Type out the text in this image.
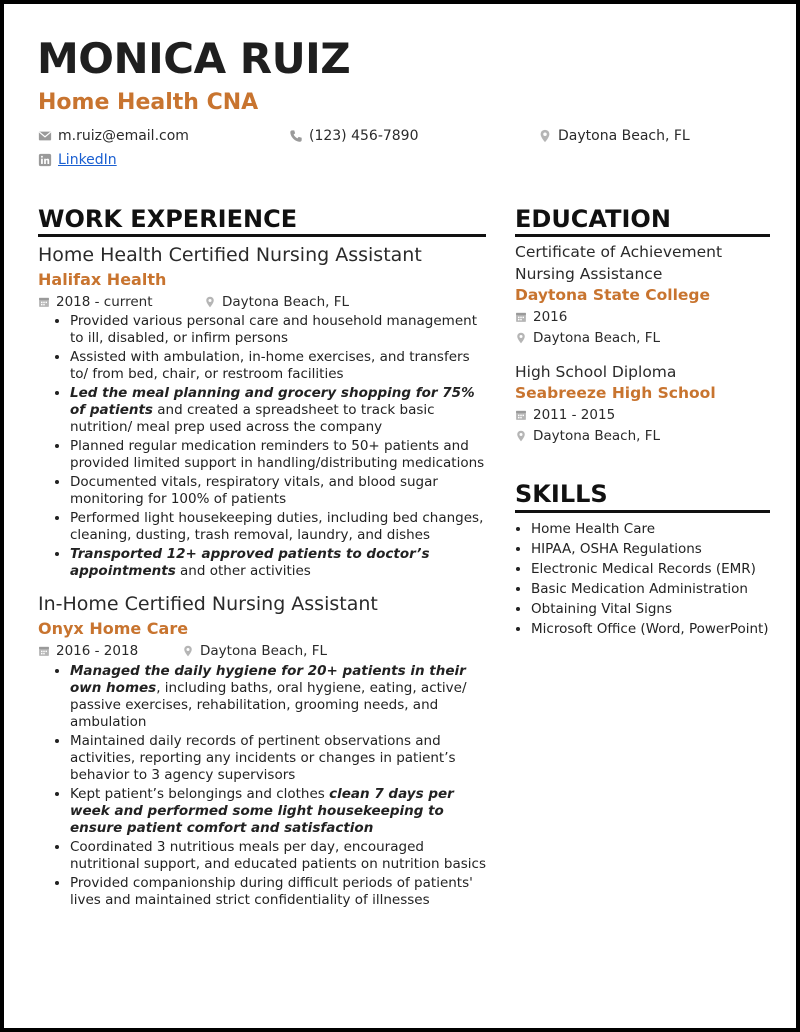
MONICA RUIZ
Home Health CNA
m.ruiz@email.com	(123) 456-7890	Daytona Beach, FL
LinkedIn
WORK EXPERIENCE
Home Health Certified Nursing Assistant
Halifax Health
2018 - current	Daytona Beach, FL
• Provided various personal care and household management to ill, disabled, or infirm persons
• Assisted with ambulation, in-home exercises, and transfers to/ from bed, chair, or restroom facilities
• Led the meal planning and grocery shopping for 75% of patients and created a spreadsheet to track basic nutrition/ meal prep used across the company
• Planned regular medication reminders to 50+ patients and provided limited support in handling/distributing medications
• Documented vitals, respiratory vitals, and blood sugar monitoring for 100% of patients
• Performed light housekeeping duties, including bed changes, cleaning, dusting, trash removal, laundry, and dishes
• Transported 12+ approved patients to doctor’s appointments and other activities
In-Home Certified Nursing Assistant
Onyx Home Care
2016 - 2018	Daytona Beach, FL
• Managed the daily hygiene for 20+ patients in their own homes, including baths, oral hygiene, eating, active/ passive exercises, rehabilitation, grooming needs, and ambulation
• Maintained daily records of pertinent observations and activities, reporting any incidents or changes in patient’s behavior to 3 agency supervisors
• Kept patient’s belongings and clothes clean 7 days per week and performed some light housekeeping to ensure patient comfort and satisfaction
• Coordinated 3 nutritious meals per day, encouraged nutritional support, and educated patients on nutrition basics
• Provided companionship during difficult periods of patients' lives and maintained strict confidentiality of illnesses
EDUCATION
Certificate of Achievement
Nursing Assistance
Daytona State College
2016
Daytona Beach, FL
High School Diploma
Seabreeze High School
2011 - 2015
Daytona Beach, FL
SKILLS
• Home Health Care
• HIPAA, OSHA Regulations
• Electronic Medical Records (EMR)
• Basic Medication Administration
• Obtaining Vital Signs
• Microsoft Office (Word, PowerPoint)
